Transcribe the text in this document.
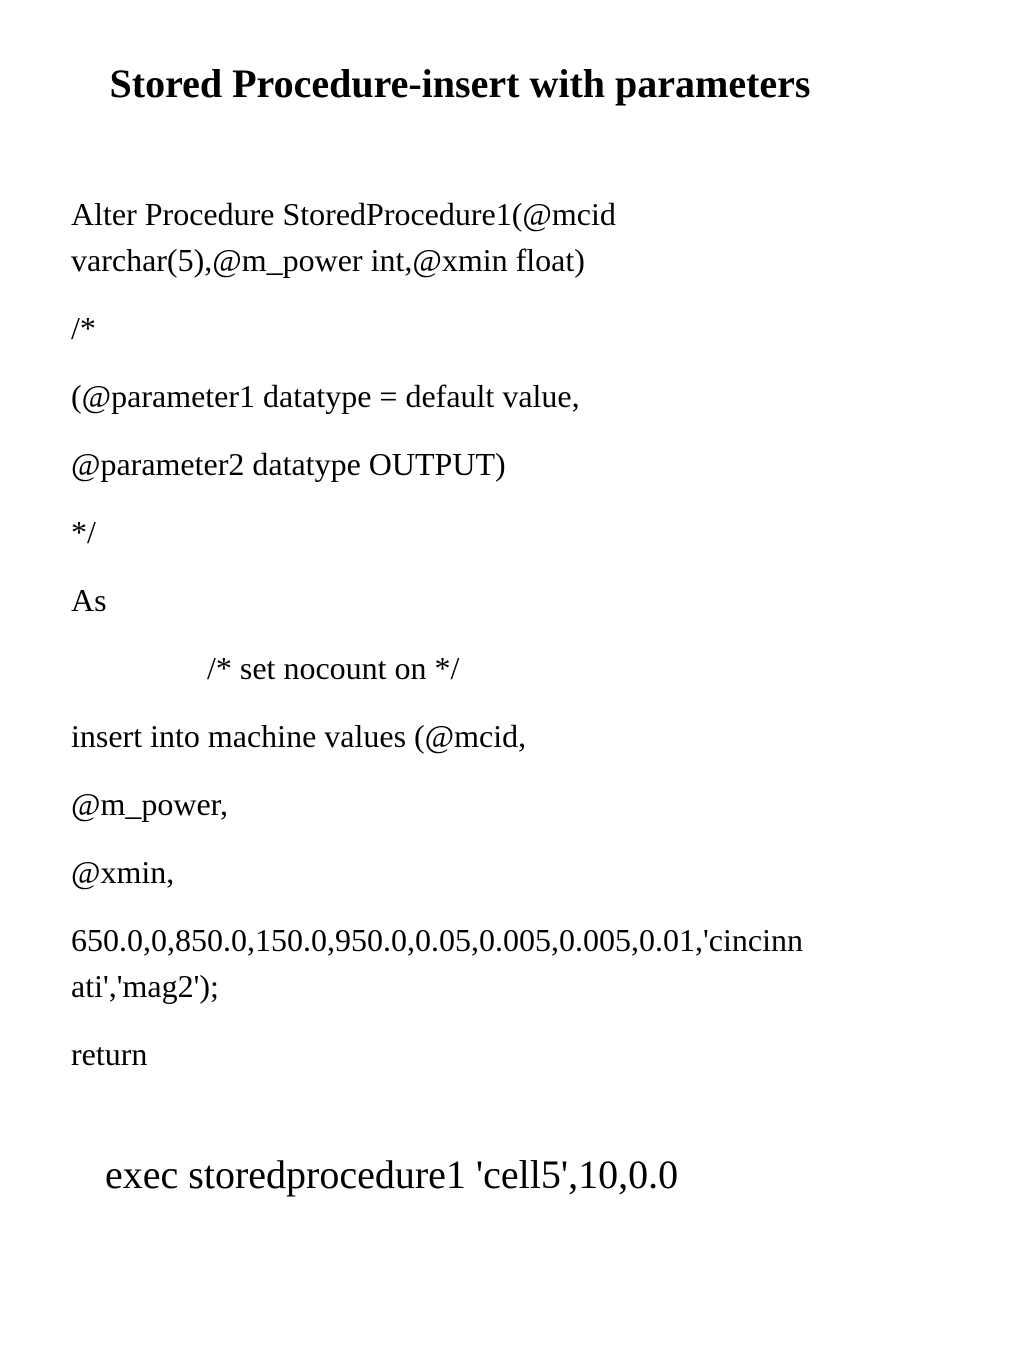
Stored Procedure-insert with parameters

Alter Procedure StoredProcedure1(@mcid

varchar(5),@m_power int,@xmin float)

/*

(@parameter1 datatype = default value,

@parameter2 datatype OUTPUT)

*/

As

/* set nocount on */

insert into machine values (@mcid,

@m_power,

@xmin,

650.0,0,850.0,150.0,950.0,0.05,0.005,0.005,0.01,'cincinn

ati','mag2');

return

exec storedprocedure1 'cell5',10,0.0
